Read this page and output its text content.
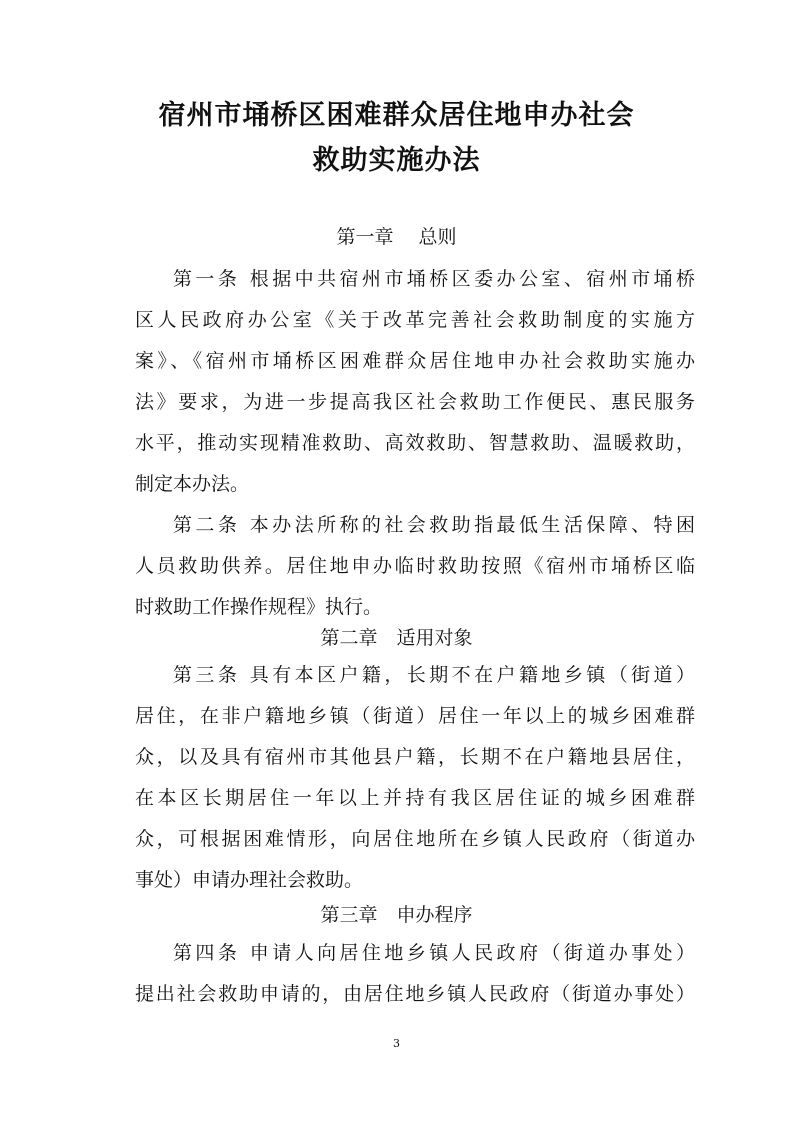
宿州市埇桥区困难群众居住地申办社会
救助实施办法
第一章　 总则
第一条 根据中共宿州市埇桥区委办公室、宿州市埇桥
区人民政府办公室《关于改革完善社会救助制度的实施方
案》、《宿州市埇桥区困难群众居住地申办社会救助实施办
法》要求，为进一步提高我区社会救助工作便民、惠民服务
水平，推动实现精准救助、高效救助、智慧救助、温暖救助，
制定本办法。
第二条 本办法所称的社会救助指最低生活保障、特困
人员救助供养。居住地申办临时救助按照《宿州市埇桥区临
时救助工作操作规程》执行。
第二章　适用对象
第三条 具有本区户籍，长期不在户籍地乡镇（街道）
居住，在非户籍地乡镇（街道）居住一年以上的城乡困难群
众，以及具有宿州市其他县户籍，长期不在户籍地县居住，
在本区长期居住一年以上并持有我区居住证的城乡困难群
众，可根据困难情形，向居住地所在乡镇人民政府（街道办
事处）申请办理社会救助。
第三章　申办程序
第四条 申请人向居住地乡镇人民政府（街道办事处）
提出社会救助申请的，由居住地乡镇人民政府（街道办事处）
3
